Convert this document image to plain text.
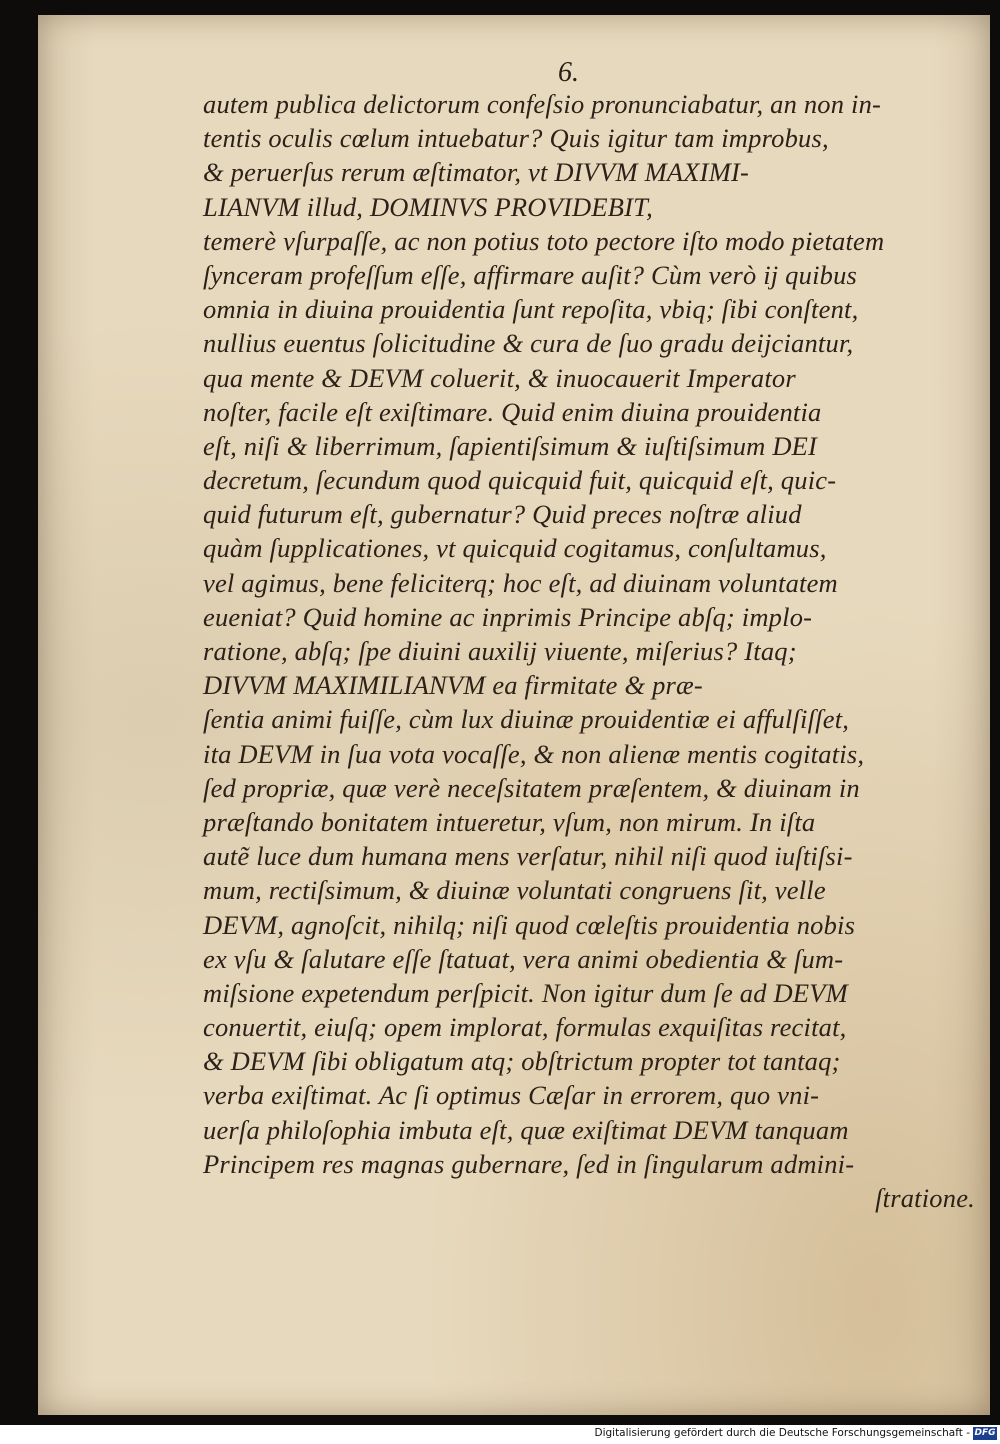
6.
autem publica delictorum confeſsio pronunciabatur, an non in-
tentis oculis cœlum intuebatur? Quis igitur tam improbus,
& peruerſus rerum æſtimator, vt DIVVM MAXIMI-
LIANVM illud, DOMINVS PROVIDEBIT,
temerè vſurpaſſe, ac non potius toto pectore iſto modo pietatem
ſynceram profeſſum eſſe, affirmare auſit? Cùm verò ij quibus
omnia in diuina prouidentia ſunt repoſita, vbiq; ſibi conſtent,
nullius euentus ſolicitudine & cura de ſuo gradu deijciantur,
qua mente & DEVM coluerit, & inuocauerit Imperator
noſter, facile eſt exiſtimare. Quid enim diuina prouidentia
eſt, niſi & liberrimum, ſapientiſsimum & iuſtiſsimum DEI
decretum, ſecundum quod quicquid fuit, quicquid eſt, quic-
quid futurum eſt, gubernatur? Quid preces noſtræ aliud
quàm ſupplicationes, vt quicquid cogitamus, conſultamus,
vel agimus, bene feliciterq; hoc eſt, ad diuinam voluntatem
eueniat? Quid homine ac inprimis Principe abſq; implo-
ratione, abſq; ſpe diuini auxilij viuente, miſerius? Itaq;
DIVVM MAXIMILIANVM ea firmitate & præ-
ſentia animi fuiſſe, cùm lux diuinæ prouidentiæ ei affulſiſſet,
ita DEVM in ſua vota vocaſſe, & non alienæ mentis cogitatis,
ſed propriæ, quæ verè neceſsitatem præſentem, & diuinam in
præſtando bonitatem intueretur, vſum, non mirum. In iſta
autẽ luce dum humana mens verſatur, nihil niſi quod iuſtiſsi-
mum, rectiſsimum, & diuinæ voluntati congruens ſit, velle
DEVM, agnoſcit, nihilq; niſi quod cœleſtis prouidentia nobis
ex vſu & ſalutare eſſe ſtatuat, vera animi obedientia & ſum-
miſsione expetendum perſpicit. Non igitur dum ſe ad DEVM
conuertit, eiuſq; opem implorat, formulas exquiſitas recitat,
& DEVM ſibi obligatum atq; obſtrictum propter tot tantaq;
verba exiſtimat. Ac ſi optimus Cæſar in errorem, quo vni-
uerſa philoſophia imbuta eſt, quæ exiſtimat DEVM tanquam
Principem res magnas gubernare, ſed in ſingularum admini-
ſtratione.
Digitalisierung gefördert durch die Deutsche Forschungsgemeinschaft - DFG
